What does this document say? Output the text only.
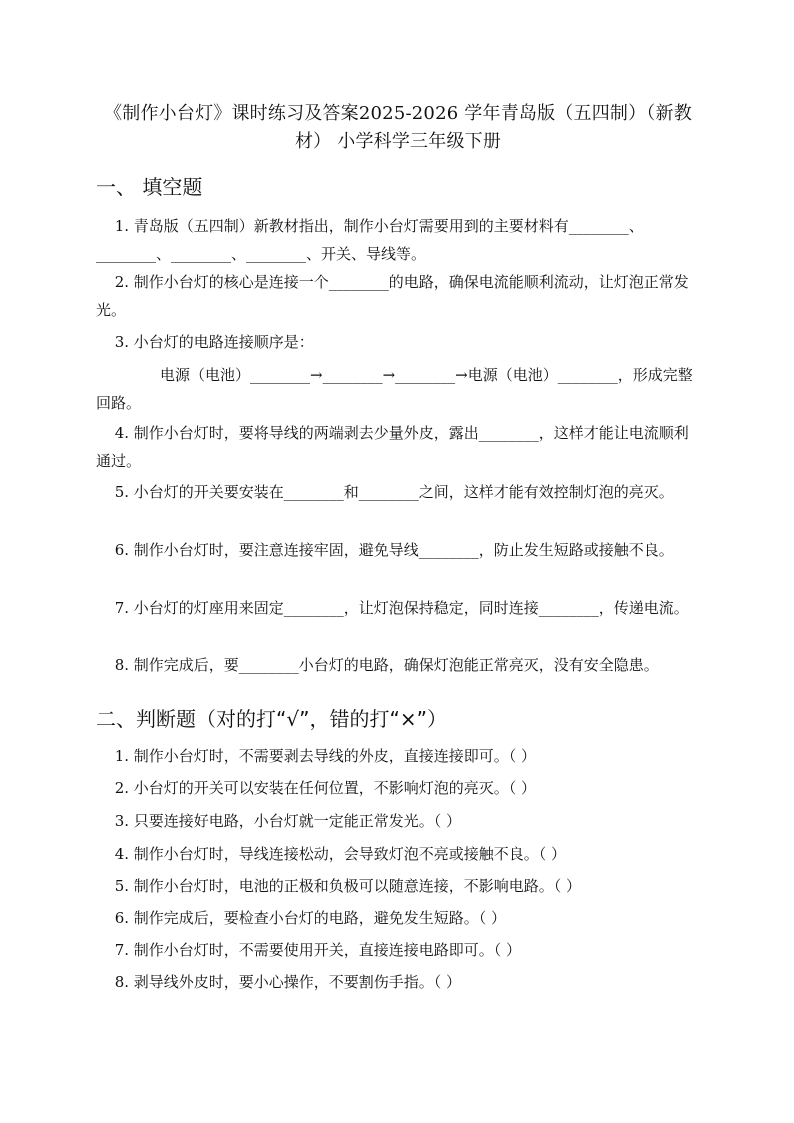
《制作小台灯》课时练习及答案2025-2026 学年青岛版（五四制）（新教材） 小学科学三年级下册
一、 填空题
1. 青岛版（五四制）新教材指出，制作小台灯需要用到的主要材料有________、________、________、________、开关、导线等。
2. 制作小台灯的核心是连接一个________的电路，确保电流能顺利流动，让灯泡正常发光。
3. 小台灯的电路连接顺序是：
电源（电池）________→________→________→电源（电池）________，形成完整回路。
4. 制作小台灯时，要将导线的两端剥去少量外皮，露出________，这样才能让电流顺利通过。
5. 小台灯的开关要安装在________和________之间，这样才能有效控制灯泡的亮灭。
6. 制作小台灯时，要注意连接牢固，避免导线________，防止发生短路或接触不良。
7. 小台灯的灯座用来固定________，让灯泡保持稳定，同时连接________，传递电流。
8. 制作完成后，要________小台灯的电路，确保灯泡能正常亮灭，没有安全隐患。
二、判断题（对的打“√”，错的打“×”）
1. 制作小台灯时，不需要剥去导线的外皮，直接连接即可。（ ）
2. 小台灯的开关可以安装在任何位置，不影响灯泡的亮灭。（ ）
3. 只要连接好电路，小台灯就一定能正常发光。（ ）
4. 制作小台灯时，导线连接松动，会导致灯泡不亮或接触不良。（ ）
5. 制作小台灯时，电池的正极和负极可以随意连接，不影响电路。（ ）
6. 制作完成后，要检查小台灯的电路，避免发生短路。（ ）
7. 制作小台灯时，不需要使用开关，直接连接电路即可。（ ）
8. 剥导线外皮时，要小心操作，不要割伤手指。（ ）
